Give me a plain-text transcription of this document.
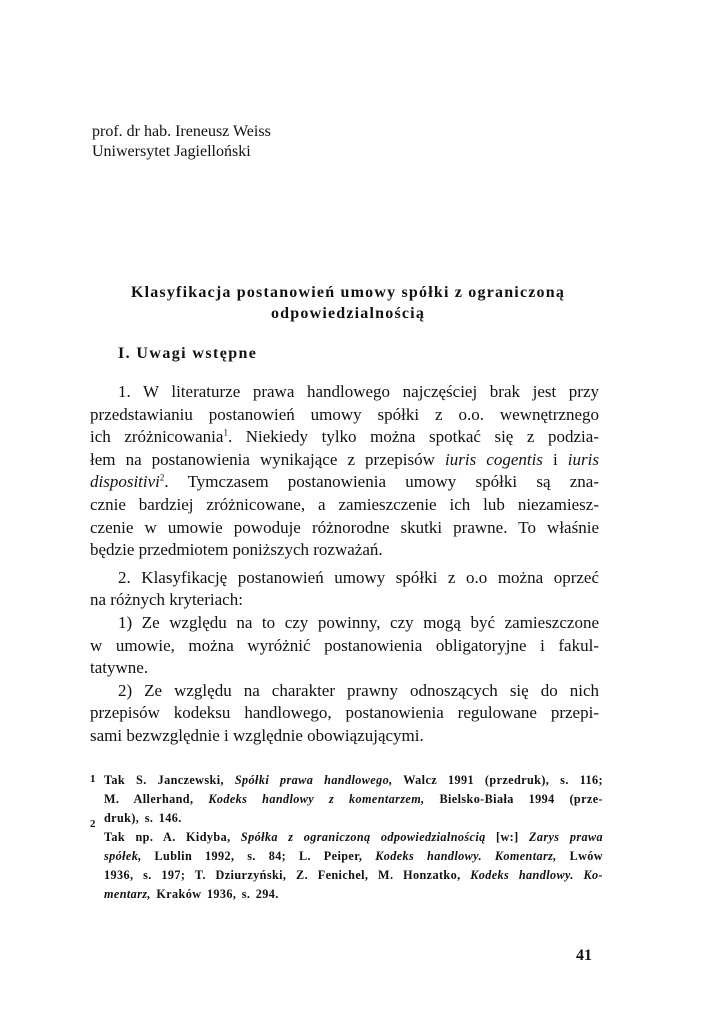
prof. dr hab. Ireneusz Weiss
Uniwersytet Jagielloński
Klasyfikacja postanowień umowy spółki z ograniczoną
odpowiedzialnością
I. Uwagi wstępne
1. W literaturze prawa handlowego najczęściej brak jest przy
przedstawianiu postanowień umowy spółki z o.o. wewnętrznego
ich zróżnicowania$^1$. Niekiedy tylko można spotkać się z podzia-
łem na postanowienia wynikające z przepisów iuris cogentis i iuris
dispositivi$^2$. Tymczasem postanowienia umowy spółki są zna-
cznie bardziej zróżnicowane, a zamieszczenie ich lub niezamiesz-
czenie w umowie powoduje różnorodne skutki prawne. To właśnie
będzie przedmiotem poniższych rozważań.
2. Klasyfikację postanowień umowy spółki z o.o można oprzeć
na różnych kryteriach:
1) Ze względu na to czy powinny, czy mogą być zamieszczone
w umowie, można wyróżnić postanowienia obligatoryjne i fakul-
tatywne.
2) Ze względu na charakter prawny odnoszących się do nich
przepisów kodeksu handlowego, postanowienia regulowane przepi-
sami bezwzględnie i względnie obowiązującymi.
1 Tak S. Janczewski, Spółki prawa handlowego, Walcz 1991 (przedruk), s. 116;
M. Allerhand, Kodeks handlowy z komentarzem, Bielsko-Biała 1994 (prze-
druk), s. 146.
2
Tak np. A. Kidyba, Spółka z ograniczoną odpowiedzialnością [w:] Zarys prawa
spółek, Lublin 1992, s. 84; L. Peiper, Kodeks handlowy. Komentarz, Lwów
1936, s. 197; T. Dziurzyński, Z. Fenichel, M. Honzatko, Kodeks handlowy. Ko-
mentarz, Kraków 1936, s. 294.
41
